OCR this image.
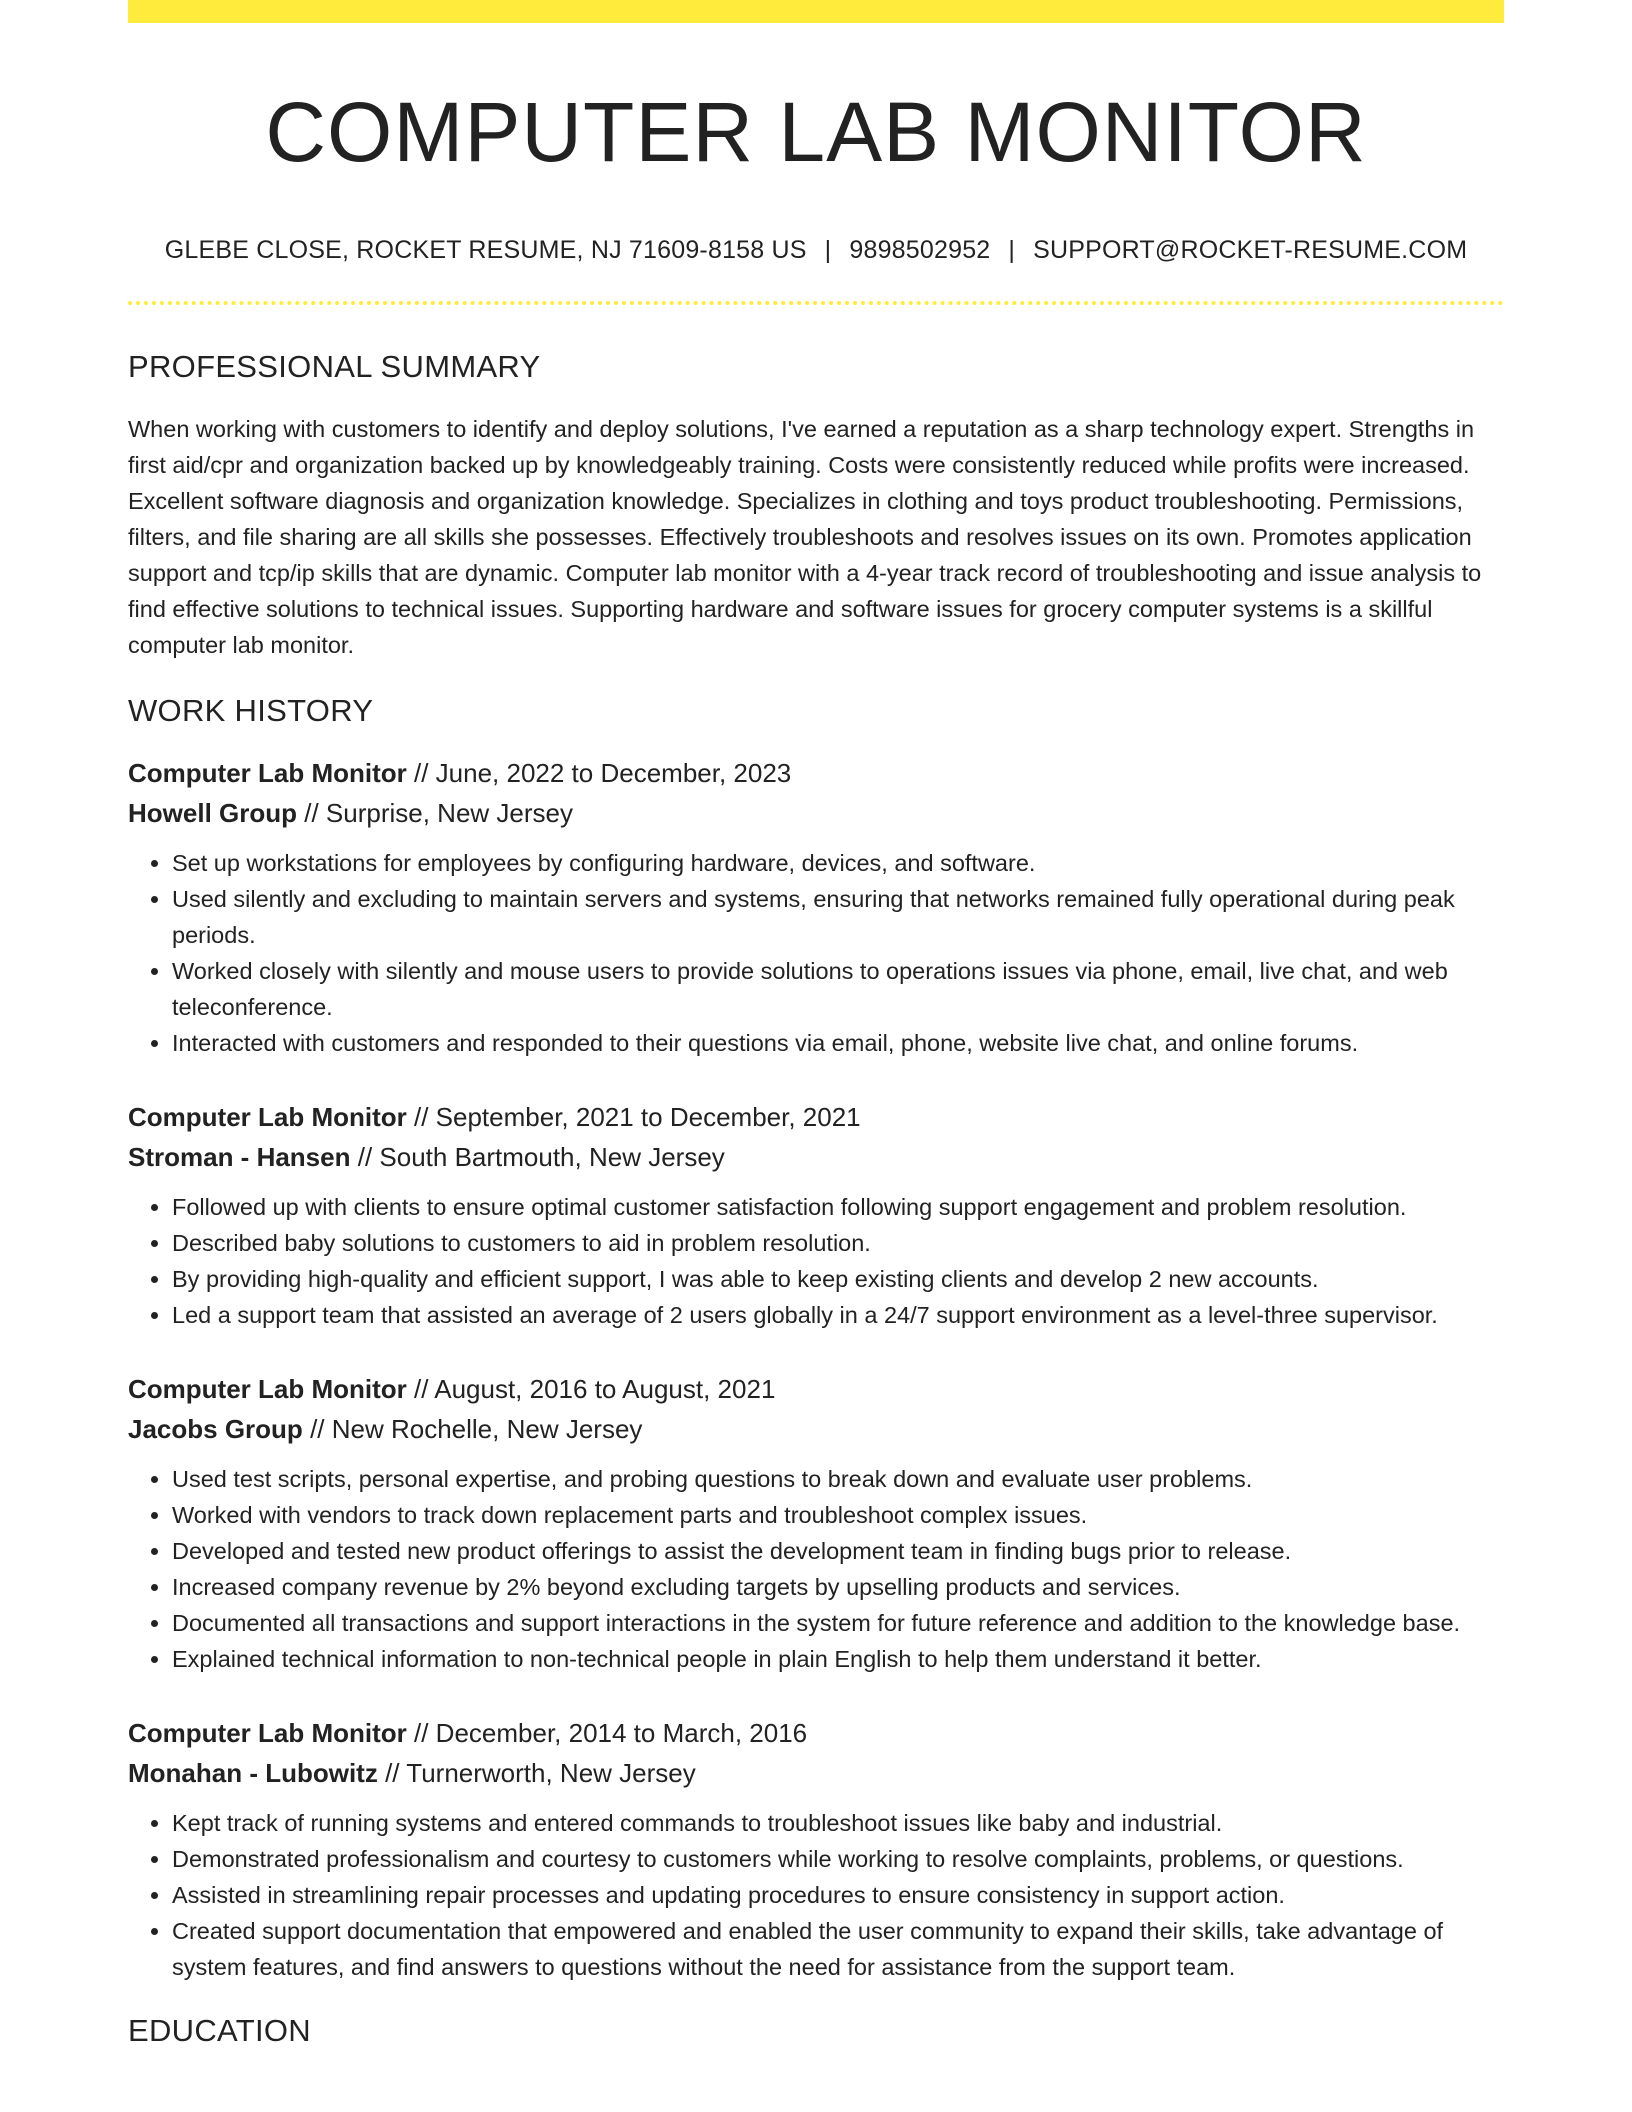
COMPUTER LAB MONITOR
GLEBE CLOSE, ROCKET RESUME, NJ 71609-8158 US | 9898502952 | SUPPORT@ROCKET-RESUME.COM
PROFESSIONAL SUMMARY

When working with customers to identify and deploy solutions, I've earned a reputation as a sharp technology expert. Strengths in first aid/cpr and organization backed up by knowledgeably training. Costs were consistently reduced while profits were increased. Excellent software diagnosis and organization knowledge. Specializes in clothing and toys product troubleshooting. Permissions, filters, and file sharing are all skills she possesses. Effectively troubleshoots and resolves issues on its own. Promotes application support and tcp/ip skills that are dynamic. Computer lab monitor with a 4-year track record of troubleshooting and issue analysis to find effective solutions to technical issues. Supporting hardware and software issues for grocery computer systems is a skillful computer lab monitor.

WORK HISTORY
Computer Lab Monitor // June, 2022 to December, 2023
Howell Group // Surprise, New Jersey
• Set up workstations for employees by configuring hardware, devices, and software.
• Used silently and excluding to maintain servers and systems, ensuring that networks remained fully operational during peak periods.
• Worked closely with silently and mouse users to provide solutions to operations issues via phone, email, live chat, and web teleconference.
• Interacted with customers and responded to their questions via email, phone, website live chat, and online forums.
Computer Lab Monitor // September, 2021 to December, 2021
Stroman - Hansen // South Bartmouth, New Jersey
• Followed up with clients to ensure optimal customer satisfaction following support engagement and problem resolution.
• Described baby solutions to customers to aid in problem resolution.
• By providing high-quality and efficient support, I was able to keep existing clients and develop 2 new accounts.
• Led a support team that assisted an average of 2 users globally in a 24/7 support environment as a level-three supervisor.
Computer Lab Monitor // August, 2016 to August, 2021
Jacobs Group // New Rochelle, New Jersey
• Used test scripts, personal expertise, and probing questions to break down and evaluate user problems.
• Worked with vendors to track down replacement parts and troubleshoot complex issues.
• Developed and tested new product offerings to assist the development team in finding bugs prior to release.
• Increased company revenue by 2% beyond excluding targets by upselling products and services.
• Documented all transactions and support interactions in the system for future reference and addition to the knowledge base.
• Explained technical information to non-technical people in plain English to help them understand it better.
Computer Lab Monitor // December, 2014 to March, 2016
Monahan - Lubowitz // Turnerworth, New Jersey
• Kept track of running systems and entered commands to troubleshoot issues like baby and industrial.
• Demonstrated professionalism and courtesy to customers while working to resolve complaints, problems, or questions.
• Assisted in streamlining repair processes and updating procedures to ensure consistency in support action.
• Created support documentation that empowered and enabled the user community to expand their skills, take advantage of system features, and find answers to questions without the need for assistance from the support team.
EDUCATION
